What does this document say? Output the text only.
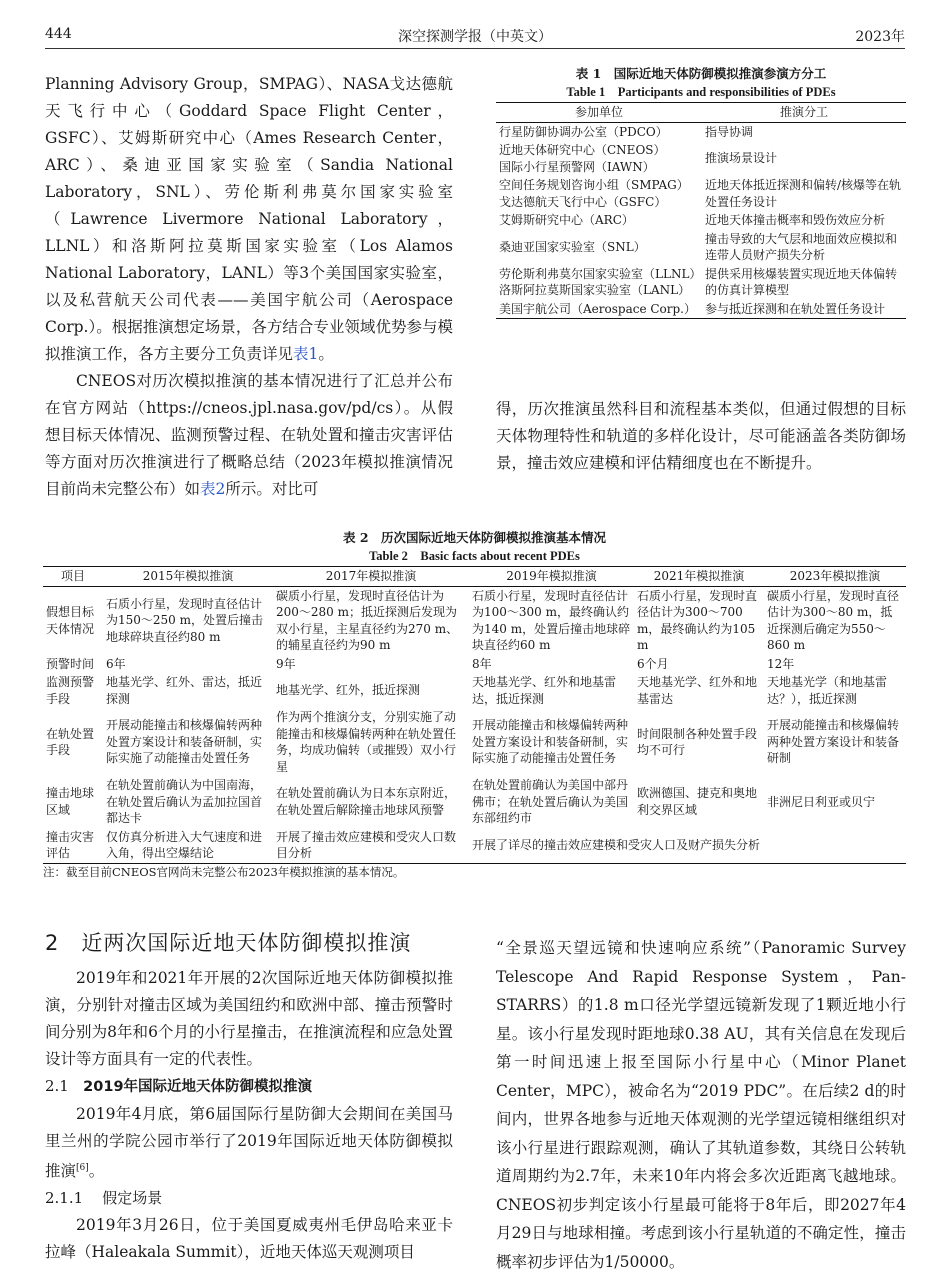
444	深空探测学报（中英文）	2023年

Planning Advisory Group，SMPAG）、NASA戈达德航天飞行中心（Goddard Space Flight Center，GSFC）、艾姆斯研究中心（Ames Research Center，ARC）、桑迪亚国家实验室（Sandia National Laboratory，SNL）、劳伦斯利弗莫尔国家实验室（Lawrence Livermore National Laboratory，LLNL）和洛斯阿拉莫斯国家实验室（Los Alamos National Laboratory，LANL）等3个美国国家实验室，以及私营航天公司代表——美国宇航公司（Aerospace Corp.）。根据推演想定场景，各方结合专业领域优势参与模拟推演工作，各方主要分工负责详见表1。

CNEOS对历次模拟推演的基本情况进行了汇总并公布在官方网站（https://cneos.jpl.nasa.gov/pd/cs）。从假想目标天体情况、监测预警过程、在轨处置和撞击灾害评估等方面对历次推演进行了概略总结（2023年模拟推演情况目前尚未完整公布）如表2所示。对比可

表 1　国际近地天体防御模拟推演参演方分工
Table 1　Participants and responsibilities of PDEs
参加单位	推演分工
行星防御协调办公室（PDCO）	指导协调

近地天体研究中心（CNEOS）
国际小行星预警网（IAWN）	推演场景设计

空间任务规划咨询小组（SMPAG）
戈达德航天飞行中心（GSFC）	近地天体抵近探测和偏转/核爆等在轨处置任务设计
艾姆斯研究中心（ARC）	近地天体撞击概率和毁伤效应分析
桑迪亚国家实验室（SNL）	撞击导致的大气层和地面效应模拟和连带人员财产损失分析

劳伦斯利弗莫尔国家实验室（LLNL）
洛斯阿拉莫斯国家实验室（LANL）	提供采用核爆装置实现近地天体偏转的仿真计算模型
美国宇航公司（Aerospace Corp.）	参与抵近探测和在轨处置任务设计

得，历次推演虽然科目和流程基本类似，但通过假想的目标天体物理特性和轨道的多样化设计，尽可能涵盖各类防御场景，撞击效应建模和评估精细度也在不断提升。

表 2　历次国际近地天体防御模拟推演基本情况
Table 2　Basic facts about recent PDEs
项目	2015年模拟推演	2017年模拟推演	2019年模拟推演	2021年模拟推演	2023年模拟推演
假想目标天体情况	石质小行星，发现时直径估计为150～250 m，处置后撞击地球碎块直径约80 m	碳质小行星，发现时直径估计为200～280 m；抵近探测后发现为双小行星，主星直径约为270 m、的辅星直径约为90 m	石质小行星，发现时直径估计为100～300 m，最终确认约为140 m，处置后撞击地球碎块直径约60 m	石质小行星，发现时直径估计为300～700 m，最终确认约为105 m	碳质小行星，发现时直径估计为300～80 m，抵近探测后确定为550～860 m
预警时间	6年	9年	8年	6个月	12年
监测预警手段	地基光学、红外、雷达，抵近探测	地基光学、红外，抵近探测	天地基光学、红外和地基雷达，抵近探测	天地基光学、红外和地基雷达	天地基光学（和地基雷达？），抵近探测
在轨处置手段	开展动能撞击和核爆偏转两种处置方案设计和装备研制，实际实施了动能撞击处置任务	作为两个推演分支，分别实施了动能撞击和核爆偏转两种在轨处置任务，均成功偏转（或摧毁）双小行星	开展动能撞击和核爆偏转两种处置方案设计和装备研制，实际实施了动能撞击处置任务	时间限制各种处置手段均不可行	开展动能撞击和核爆偏转两种处置方案设计和装备研制
撞击地球区域	在轨处置前确认为中国南海，在轨处置后确认为孟加拉国首都达卡	在轨处置前确认为日本东京附近，在轨处置后解除撞击地球风预警	在轨处置前确认为美国中部丹佛市；在轨处置后确认为美国东部纽约市	欧洲德国、捷克和奥地利交界区域	非洲尼日利亚或贝宁
撞击灾害评估	仅仿真分析进入大气速度和进入角，得出空爆结论	开展了撞击效应建模和受灾人口数目分析	开展了详尽的撞击效应建模和受灾人口及财产损失分析		
注：截至目前CNEOS官网尚未完整公布2023年模拟推演的基本情况。
2　近两次国际近地天体防御模拟推演

2019年和2021年开展的2次国际近地天体防御模拟推演，分别针对撞击区域为美国纽约和欧洲中部、撞击预警时间分别为8年和6个月的小行星撞击，在推演流程和应急处置设计等方面具有一定的代表性。

2.1 2019年国际近地天体防御模拟推演

2019年4月底，第6届国际行星防御大会期间在美国马里兰州的学院公园市举行了2019年国际近地天体防御模拟推演[6]。

2.1.1 假定场景

2019年3月26日，位于美国夏威夷州毛伊岛哈来亚卡拉峰（Haleakala Summit），近地天体巡天观测项目

“全景巡天望远镜和快速响应系统”（Panoramic Survey Telescope And Rapid Response System，Pan-STARRS）的1.8 m口径光学望远镜新发现了1颗近地小行星。该小行星发现时距地球0.38 AU，其有关信息在发现后第一时间迅速上报至国际小行星中心（Minor Planet Center，MPC），被命名为“2019 PDC”。在后续2 d的时间内，世界各地参与近地天体观测的光学望远镜相继组织对该小行星进行跟踪观测，确认了其轨道参数，其绕日公转轨道周期约为2.7年，未来10年内将会多次近距离飞越地球。CNEOS初步判定该小行星最可能将于8年后，即2027年4月29日与地球相撞。考虑到该小行星轨道的不确定性，撞击概率初步评估为1/50000。
